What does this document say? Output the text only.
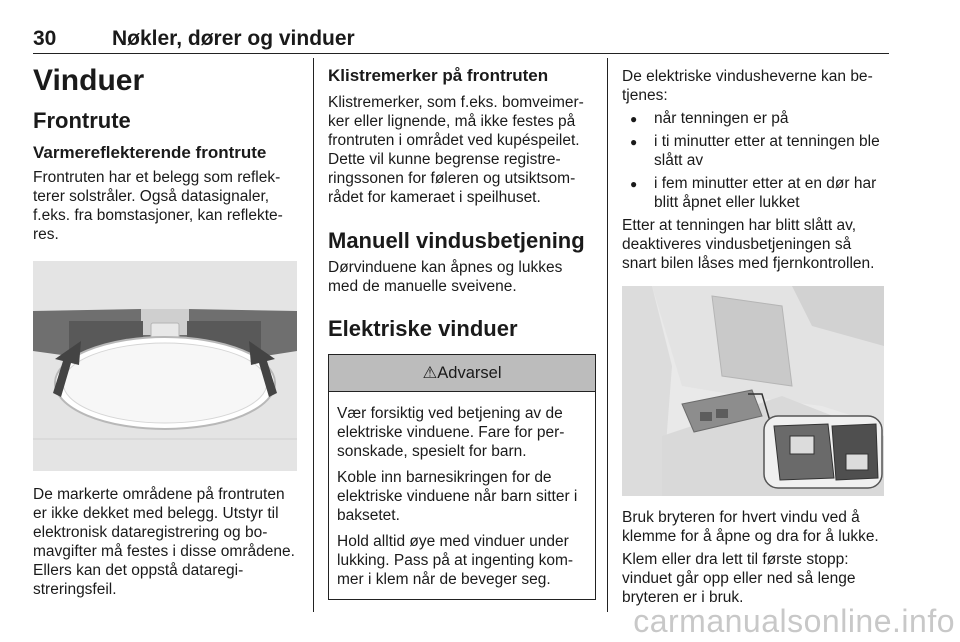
30	Nøkler, dører og vinduer
Vinduer
Frontrute
Varmereflekterende frontrute

Frontruten har et belegg som reflekterer solstråler. Også datasignaler, f.eks. fra bomstasjoner, kan reflekteres.

De markerte områdene på frontruten er ikke dekket med belegg. Utstyr til elektronisk dataregistrering og bomavgifter må festes i disse områdene. Ellers kan det oppstå dataregistreringsfeil.

Klistremerker på frontruten

Klistremerker, som f.eks. bomveimerker eller lignende, må ikke festes på frontruten i området ved kupéspeilet. Dette vil kunne begrense registreringssonen for føleren og utsiktsområdet for kameraet i speilhuset.

Manuell vindusbetjening

Dørvinduene kan åpnes og lukkes med de manuelle sveivene.

Elektriske vinduer
⚠Advarsel

Vær forsiktig ved betjening av de elektriske vinduene. Fare for personskade, spesielt for barn.

Koble inn barnesikringen for de elektriske vinduene når barn sitter i baksetet.

Hold alltid øye med vinduer under lukking. Pass på at ingenting kommer i klem når de beveger seg.

De elektriske vindusheverne kan betjenes:

● når tenningen er på
● i ti minutter etter at tenningen ble slått av
● i fem minutter etter at en dør har blitt åpnet eller lukket

Etter at tenningen har blitt slått av, deaktiveres vindusbetjeningen så snart bilen låses med fjernkontrollen.

Bruk bryteren for hvert vindu ved å klemme for å åpne og dra for å lukke.

Klem eller dra lett til første stopp: vinduet går opp eller ned så lenge bryteren er i bruk.

carmanualsonline.info
